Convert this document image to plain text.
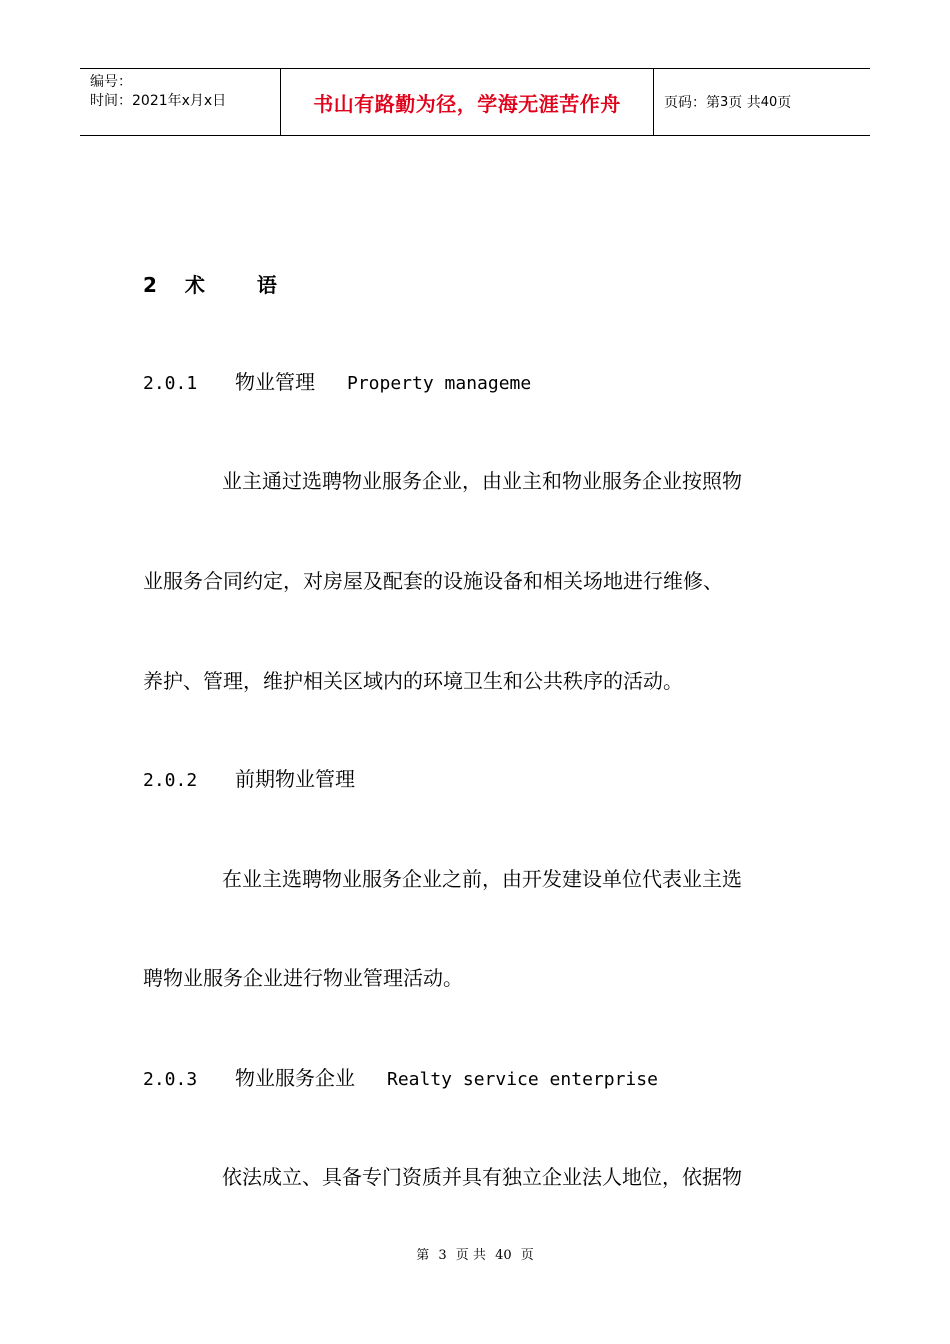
编号：
时间：2021年x月x日	书山有路勤为径，学海无涯苦作舟	页码：第 3 页 共 40 页
2 术	语
2.0.1 物业管理 Property manageme
业主通过选聘物业服务企业，由业主和物业服务企业按照物
业服务合同约定，对房屋及配套的设施设备和相关场地进行维修、
养护、管理，维护相关区域内的环境卫生和公共秩序的活动。
2.0.2 前期物业管理
在业主选聘物业服务企业之前，由开发建设单位代表业主选
聘物业服务企业进行物业管理活动。
2.0.3 物业服务企业 Realty service enterprise
依法成立、具备专门资质并具有独立企业法人地位，依据物
第 3 页 共 40 页
